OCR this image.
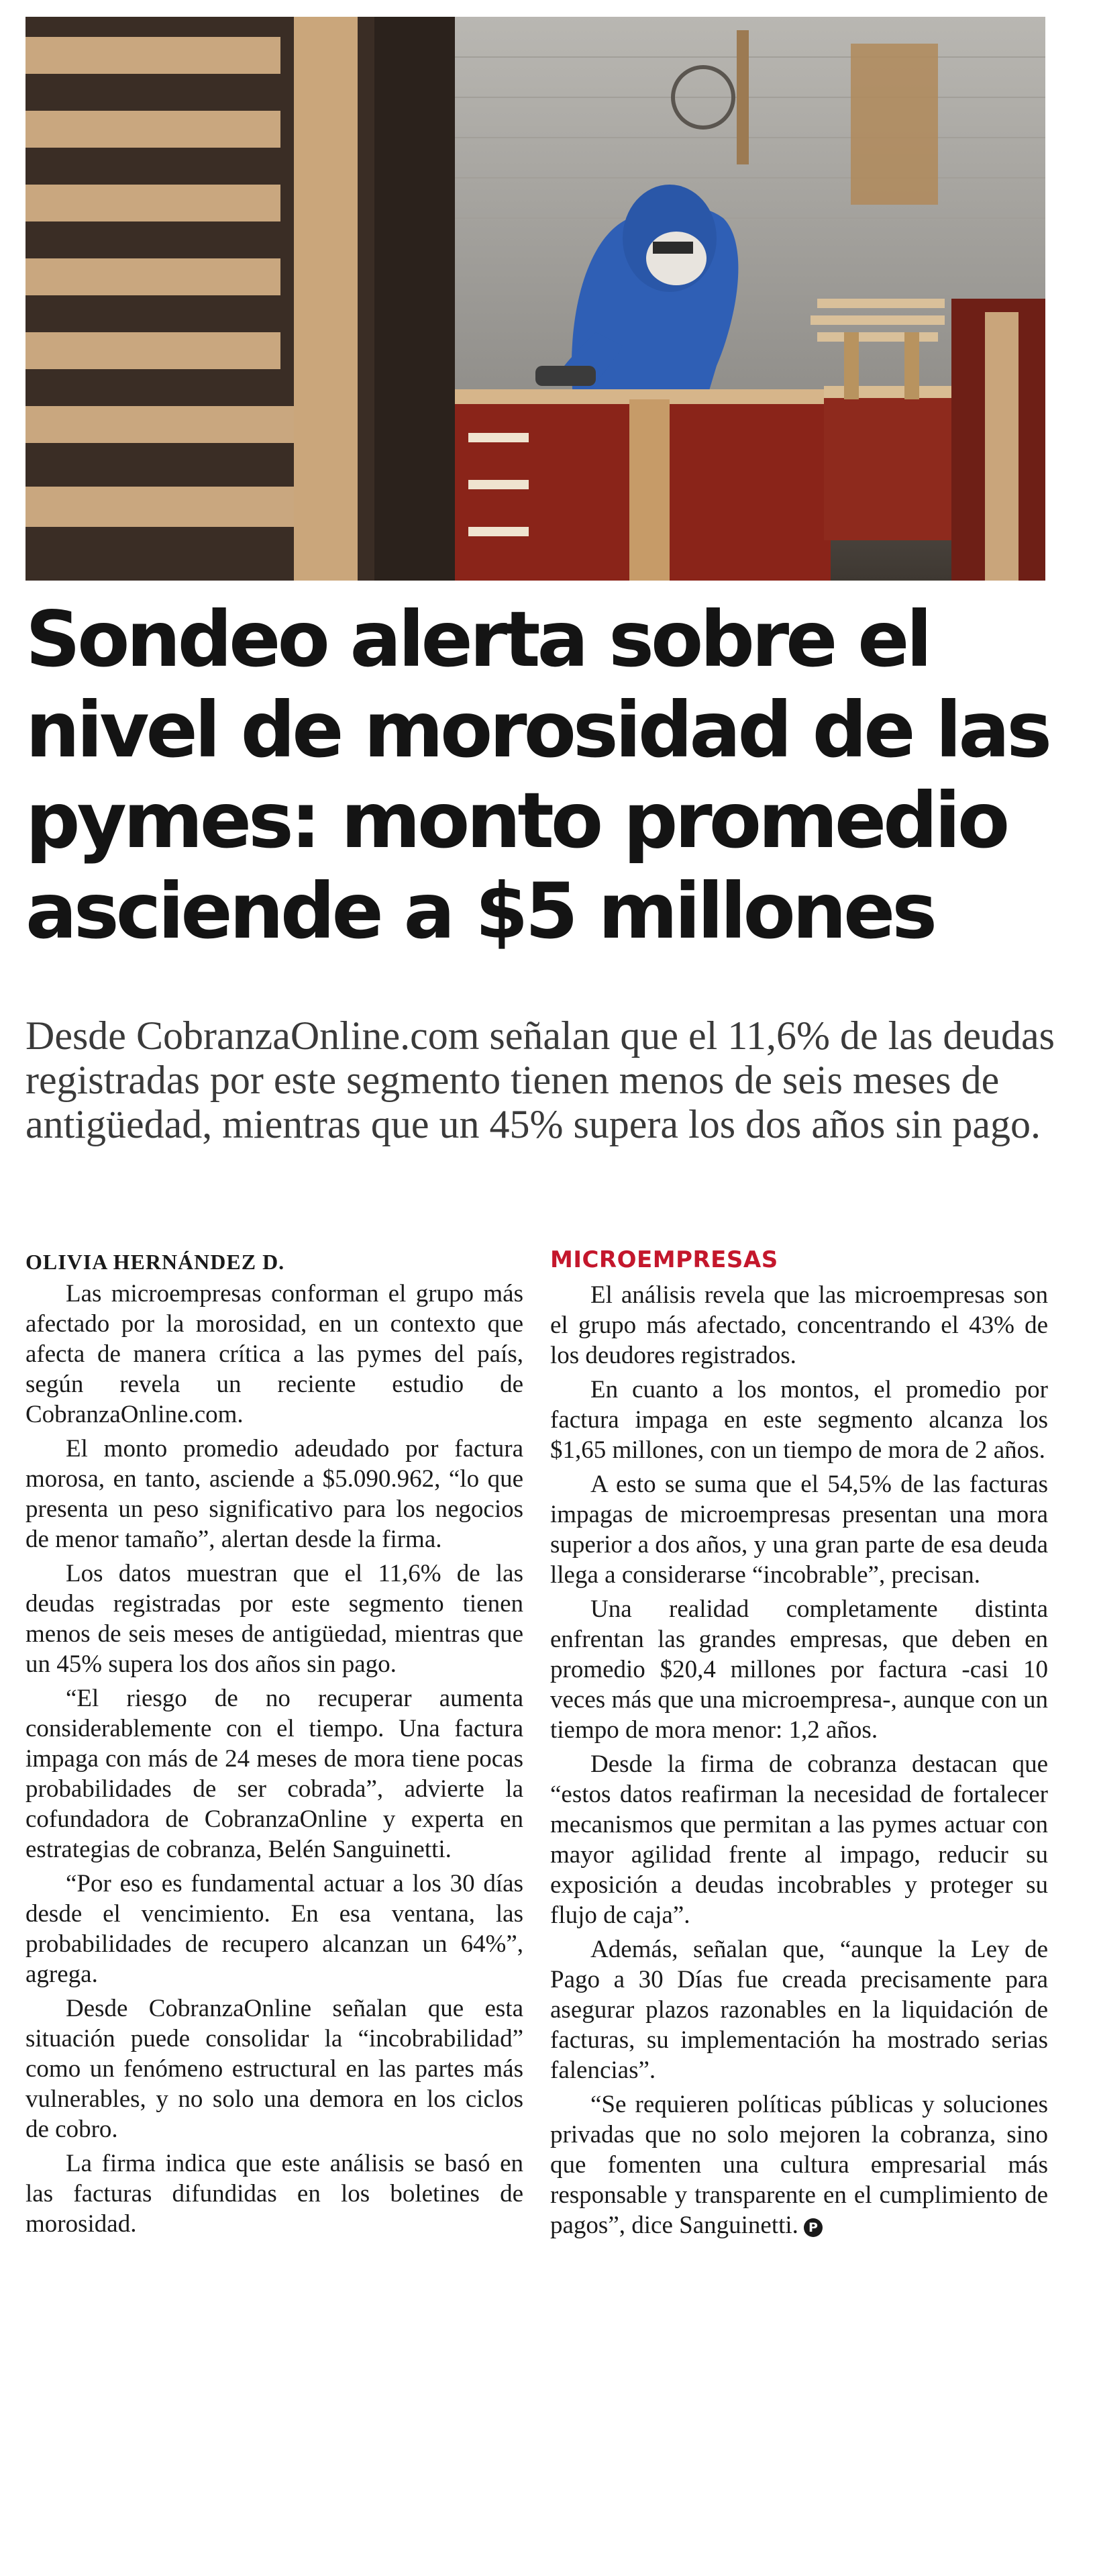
Sondeo alerta sobre el nivel de morosidad de las pymes: monto promedio asciende a $5 millones

Desde CobranzaOnline.com señalan que el 11,6% de las deudas registradas por este segmento tienen menos de seis meses de antigüedad, mientras que un 45% supera los dos años sin pago.

OLIVIA HERNÁNDEZ D.

Las microempresas conforman el grupo más afectado por la morosidad, en un contexto que afecta de manera crítica a las pymes del país, según revela un reciente estudio de CobranzaOnline.com.

El monto promedio adeudado por factura morosa, en tanto, asciende a $5.090.962, “lo que presenta un peso significativo para los negocios de menor tamaño”, alertan desde la firma.

Los datos muestran que el 11,6% de las deudas registradas por este segmento tienen menos de seis meses de antigüedad, mientras que un 45% supera los dos años sin pago.

“El riesgo de no recuperar aumenta considerablemente con el tiempo. Una factura impaga con más de 24 meses de mora tiene pocas probabilidades de ser cobrada”, advierte la cofundadora de CobranzaOnline y experta en estrategias de cobranza, Belén Sanguinetti.

“Por eso es fundamental actuar a los 30 días desde el vencimiento. En esa ventana, las probabilidades de recupero alcanzan un 64%”, agrega.

Desde CobranzaOnline señalan que esta situación puede consolidar la “incobrabilidad” como un fenómeno estructural en las partes más vulnerables, y no solo una demora en los ciclos de cobro.

La firma indica que este análisis se basó en las facturas difundidas en los boletines de morosidad.

MICROEMPRESAS

El análisis revela que las microempresas son el grupo más afectado, concentrando el 43% de los deudores registrados.

En cuanto a los montos, el promedio por factura impaga en este segmento alcanza los $1,65 millones, con un tiempo de mora de 2 años.

A esto se suma que el 54,5% de las facturas impagas de microempresas presentan una mora superior a dos años, y una gran parte de esa deuda llega a considerarse “incobrable”, precisan.

Una realidad completamente distinta enfrentan las grandes empresas, que deben en promedio $20,4 millones por factura -casi 10 veces más que una microempresa-, aunque con un tiempo de mora menor: 1,2 años.

Desde la firma de cobranza destacan que “estos datos reafirman la necesidad de fortalecer mecanismos que permitan a las pymes actuar con mayor agilidad frente al impago, reducir su exposición a deudas incobrables y proteger su flujo de caja”.

Además, señalan que, “aunque la Ley de Pago a 30 Días fue creada precisamente para asegurar plazos razonables en la liquidación de facturas, su implementación ha mostrado serias falencias”.

“Se requieren políticas públicas y soluciones privadas que no solo mejoren la cobranza, sino que fomenten una cultura empresarial más responsable y transparente en el cumplimiento de pagos”, dice Sanguinetti. P
